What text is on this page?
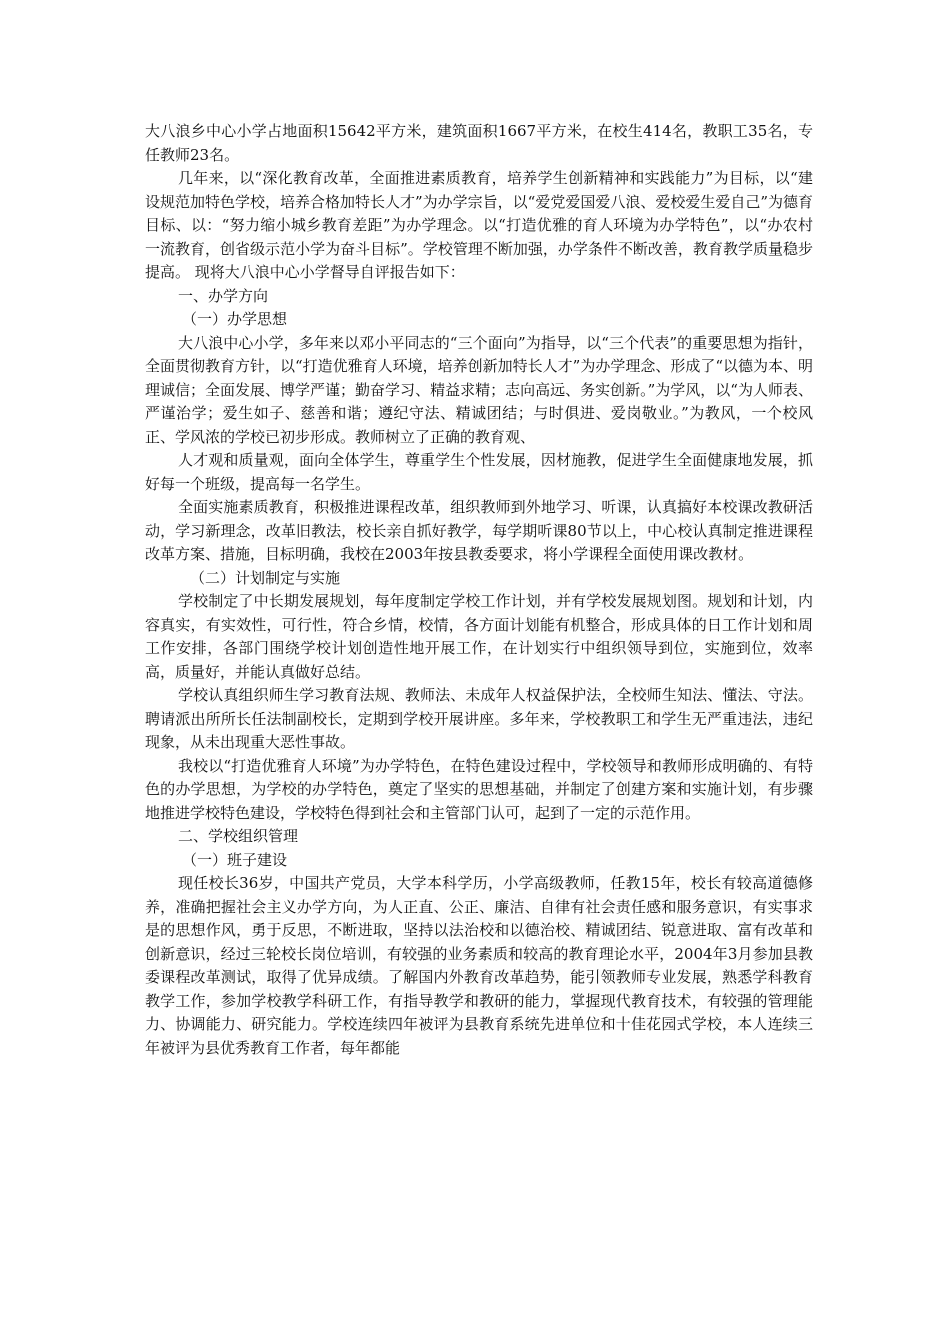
大八浪乡中心小学占地面积15642平方米，建筑面积1667平方米，在校生414名，教职工35名，专任教师23名。

几年来，以“深化教育改革，全面推进素质教育，培养学生创新精神和实践能力”为目标，以“建设规范加特色学校，培养合格加特长人才”为办学宗旨，以“爱党爱国爱八浪、爱校爱生爱自己”为德育目标、以：“努力缩小城乡教育差距”为办学理念。以“打造优雅的育人环境为办学特色”，以“办农村一流教育，创省级示范小学为奋斗目标”。学校管理不断加强，办学条件不断改善，教育教学质量稳步提高。 现将大八浪中心小学督导自评报告如下：

一、办学方向

（一）办学思想

大八浪中心小学，多年来以邓小平同志的“三个面向”为指导，以“三个代表”的重要思想为指针，全面贯彻教育方针，以“打造优雅育人环境，培养创新加特长人才”为办学理念、形成了“以德为本、明理诚信；全面发展、博学严谨；勤奋学习、精益求精；志向高远、务实创新。”为学风，以“为人师表、严谨治学；爱生如子、慈善和谐；遵纪守法、精诚团结；与时俱进、爱岗敬业。”为教风，一个校风正、学风浓的学校已初步形成。教师树立了正确的教育观、

人才观和质量观，面向全体学生，尊重学生个性发展，因材施教，促进学生全面健康地发展，抓好每一个班级，提高每一名学生。

全面实施素质教育，积极推进课程改革，组织教师到外地学习、听课，认真搞好本校课改教研活动，学习新理念，改革旧教法，校长亲自抓好教学，每学期听课80节以上，中心校认真制定推进课程改革方案、措施，目标明确，我校在2003年按县教委要求，将小学课程全面使用课改教材。

（二）计划制定与实施

学校制定了中长期发展规划，每年度制定学校工作计划，并有学校发展规划图。规划和计划，内容真实，有实效性，可行性，符合乡情，校情，各方面计划能有机整合，形成具体的日工作计划和周工作安排，各部门围绕学校计划创造性地开展工作，在计划实行中组织领导到位，实施到位，效率高，质量好，并能认真做好总结。

学校认真组织师生学习教育法规、教师法、未成年人权益保护法，全校师生知法、懂法、守法。聘请派出所所长任法制副校长，定期到学校开展讲座。多年来，学校教职工和学生无严重违法，违纪现象，从未出现重大恶性事故。

我校以“打造优雅育人环境”为办学特色，在特色建设过程中，学校领导和教师形成明确的、有特色的办学思想，为学校的办学特色，奠定了坚实的思想基础，并制定了创建方案和实施计划，有步骤地推进学校特色建设，学校特色得到社会和主管部门认可，起到了一定的示范作用。

二、学校组织管理

（一）班子建设

现任校长36岁，中国共产党员，大学本科学历，小学高级教师，任教15年，校长有较高道德修养，准确把握社会主义办学方向，为人正直、公正、廉洁、自律有社会责任感和服务意识，有实事求是的思想作风，勇于反思，不断进取，坚持以法治校和以德治校、精诚团结、锐意进取、富有改革和创新意识，经过三轮校长岗位培训，有较强的业务素质和较高的教育理论水平，2004年3月参加县教委课程改革测试，取得了优异成绩。了解国内外教育改革趋势，能引领教师专业发展，熟悉学科教育教学工作，参加学校教学科研工作，有指导教学和教研的能力，掌握现代教育技术，有较强的管理能力、协调能力、研究能力。学校连续四年被评为县教育系统先进单位和十佳花园式学校，本人连续三年被评为县优秀教育工作者，每年都能
